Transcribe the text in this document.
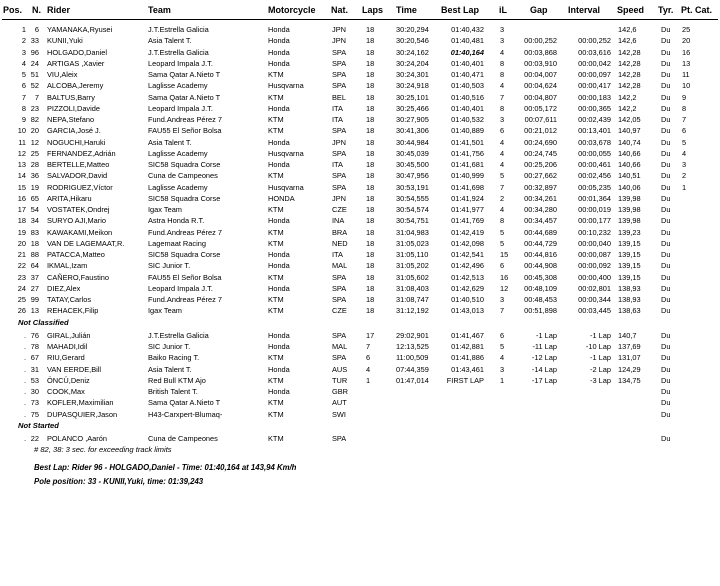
Pos. N. Rider	Team	Motorcycle Nat. Laps Time	Best Lap iL	Gap Interval Speed Tyr. Pt. Cat.
1	6 YAMANAKA,Ryusei	J.T.Estrella Galicia	Honda	JPN	18	30:20,294	01:40,432 3	142,6	Du	25
2 33 KUNII,Yuki	Asia Talent T.	Honda	JPN	18	30:20,546	01:40,481 3	00:00,252	00:00,252 142,6	Du	20
3 96 HOLGADO,Daniel	J.T.Estrella Galicia	Honda	SPA	18	30:24,162	01:40,164 4	00:03,868	00:03,616 142,28	Du	16
4 24 ARTIGAS ,Xavier	Leopard Impala J.T.	Honda	SPA	18	30:24,204	01:40,401 8	00:03,910	00:00,042 142,28	Du	13
5 51 VIU,Aleix	Sama Qatar A.Nieto T	KTM	SPA	18	30:24,301	01:40,471 8	00:04,007	00:00,097 142,28	Du	11
6 52 ALCOBA,Jeremy	Laglisse Academy	Husqvarna	SPA	18	30:24,918	01:40,503 4	00:04,624	00:00,417 142,28	Du	10
7	7 BALTUS,Barry	Sama Qatar A.Nieto T	KTM	BEL	18	30:25,101	01:40,516 7	00:04,807	00:00,183 142,2	Du	9
8 23 PIZZOLI,Davide	Leopard Impala J.T.	Honda	ITA	18	30:25,466	01:40,401 8	00:05,172	00:00,365 142,2	Du	8
9 82 NEPA,Stefano	Fund.Andreas Pérez 7	KTM	ITA	18	30:27,905	01:40,532 3	00:07,611	00:02,439 142,05	Du	7
10 20 GARCIA,José J.	FAU55 El Señor Bolsa	KTM	SPA	18	30:41,306	01:40,889 6	00:21,012	00:13,401 140,97	Du	6
11 12 NOGUCHI,Haruki	Asia Talent T.	Honda	JPN	18	30:44,984	01:41,501 4	00:24,690	00:03,678 140,74	Du	5
12 25 FERNANDEZ,Adrián	Laglisse Academy	Husqvarna	SPA	18	30:45,039	01:41,756 4	00:24,745	00:00,055 140,66	Du	4
13 28 BERTELLE,Matteo	SIC58 Squadra Corse	Honda	ITA	18	30:45,500	01:41,681 4	00:25,206	00:00,461 140,66	Du	3
14 36 SALVADOR,David	Cuna de Campeones	KTM	SPA	18	30:47,956	01:40,999 5	00:27,662	00:02,456 140,51	Du	2
15 19 RODRIGUEZ,Víctor	Laglisse Academy	Husqvarna	SPA	18	30:53,191	01:41,698 7	00:32,897	00:05,235 140,06	Du	1
16 65 ARITA,Hikaru	SIC58 Squadra Corse	HONDA	JPN	18	30:54,555	01:41,924 2	00:34,261	00:01,364 139,98	Du
17 54 VOSTATEK,Ondrej	Igax Team	KTM	CZE	18	30:54,574	01:41,977 4	00:34,280	00:00,019 139,98	Du
18 34 SURYO AJI,Mario	Astra Honda R.T.	Honda	INA	18	30:54,751	01:41,769 8	00:34,457	00:00,177 139,98	Du
19 83 KAWAKAMI,Meikon	Fund.Andreas Pérez 7	KTM	BRA	18	31:04,983	01:42,419 5	00:44,689	00:10,232 139,23	Du
20 18 VAN DE LAGEMAAT,R.	Lagemaat Racing	KTM	NED	18	31:05,023	01:42,098 5	00:44,729	00:00,040 139,15	Du
21 88 PATACCA,Matteo	SIC58 Squadra Corse	Honda	ITA	18	31:05,110	01:42,541 15	00:44,816	00:00,087 139,15	Du
22 64 IKMAL,Izam	SIC Junior T.	Honda	MAL	18	31:05,202	01:42,496 6	00:44,908	00:00,092 139,15	Du
23 37 CAÑERO,Faustino	FAU55 El Señor Bolsa	KTM	SPA	18	31:05,602	01:42,513 16	00:45,308	00:00,400 139,15	Du
24 27 DIEZ,Alex	Leopard Impala J.T.	Honda	SPA	18	31:08,403	01:42,629 12	00:48,109	00:02,801 138,93	Du
25 99 TATAY,Carlos	Fund.Andreas Pérez 7	KTM	SPA	18	31:08,747	01:40,510 3	00:48,453	00:00,344 138,93	Du
26 13 REHACEK,Filip	Igax Team	KTM	CZE	18	31:12,192	01:43,013 7	00:51,898	00:03,445 138,63	Du
Not Classified
. 76 GIRAL,Julián	J.T.Estrella Galicia	Honda	SPA	17	29:02,901	01:41,467 6	-1 Lap	-1 Lap 140,7	Du
. 78 MAHADI,Idil	SIC Junior T.	Honda	MAL	7	12:13,525	01:42,881 5	-11 Lap	-10 Lap 137,69	Du
. 67 RIU,Gerard	Baiko Racing T.	KTM	SPA	6	11:00,509	01:41,886 4	-12 Lap	-1 Lap 131,07	Du
. 31 VAN EERDE,Bill	Asia Talent T.	Honda	AUS	4	07:44,359	01:43,461 3	-14 Lap	-2 Lap 124,29	Du
. 53 ÖNCÜ,Deniz	Red Bull KTM Ajo	KTM	TUR	1	01:47,014	FIRST LAP 1	-17 Lap	-3 Lap 134,75	Du
. 30 COOK,Max	British Talent T.	Honda	GBR	Du
. 73 KOFLER,Maximilian	Sama Qatar A.Nieto T	KTM	AUT	Du
. 75 DUPASQUIER,Jason	H43-Carxpert-Blumaq-	KTM	SWI	Du
Not Started
. 22 POLANCO ,Aarón	Cuna de Campeones	KTM	SPA	Du
# 82, 38: 3 sec. for exceeding track limits
Best Lap: Rider 96 - HOLGADO,Daniel - Time: 01:40,164 at 143,94 Km/h
Pole position: 33 - KUNII,Yuki, time: 01:39,243
